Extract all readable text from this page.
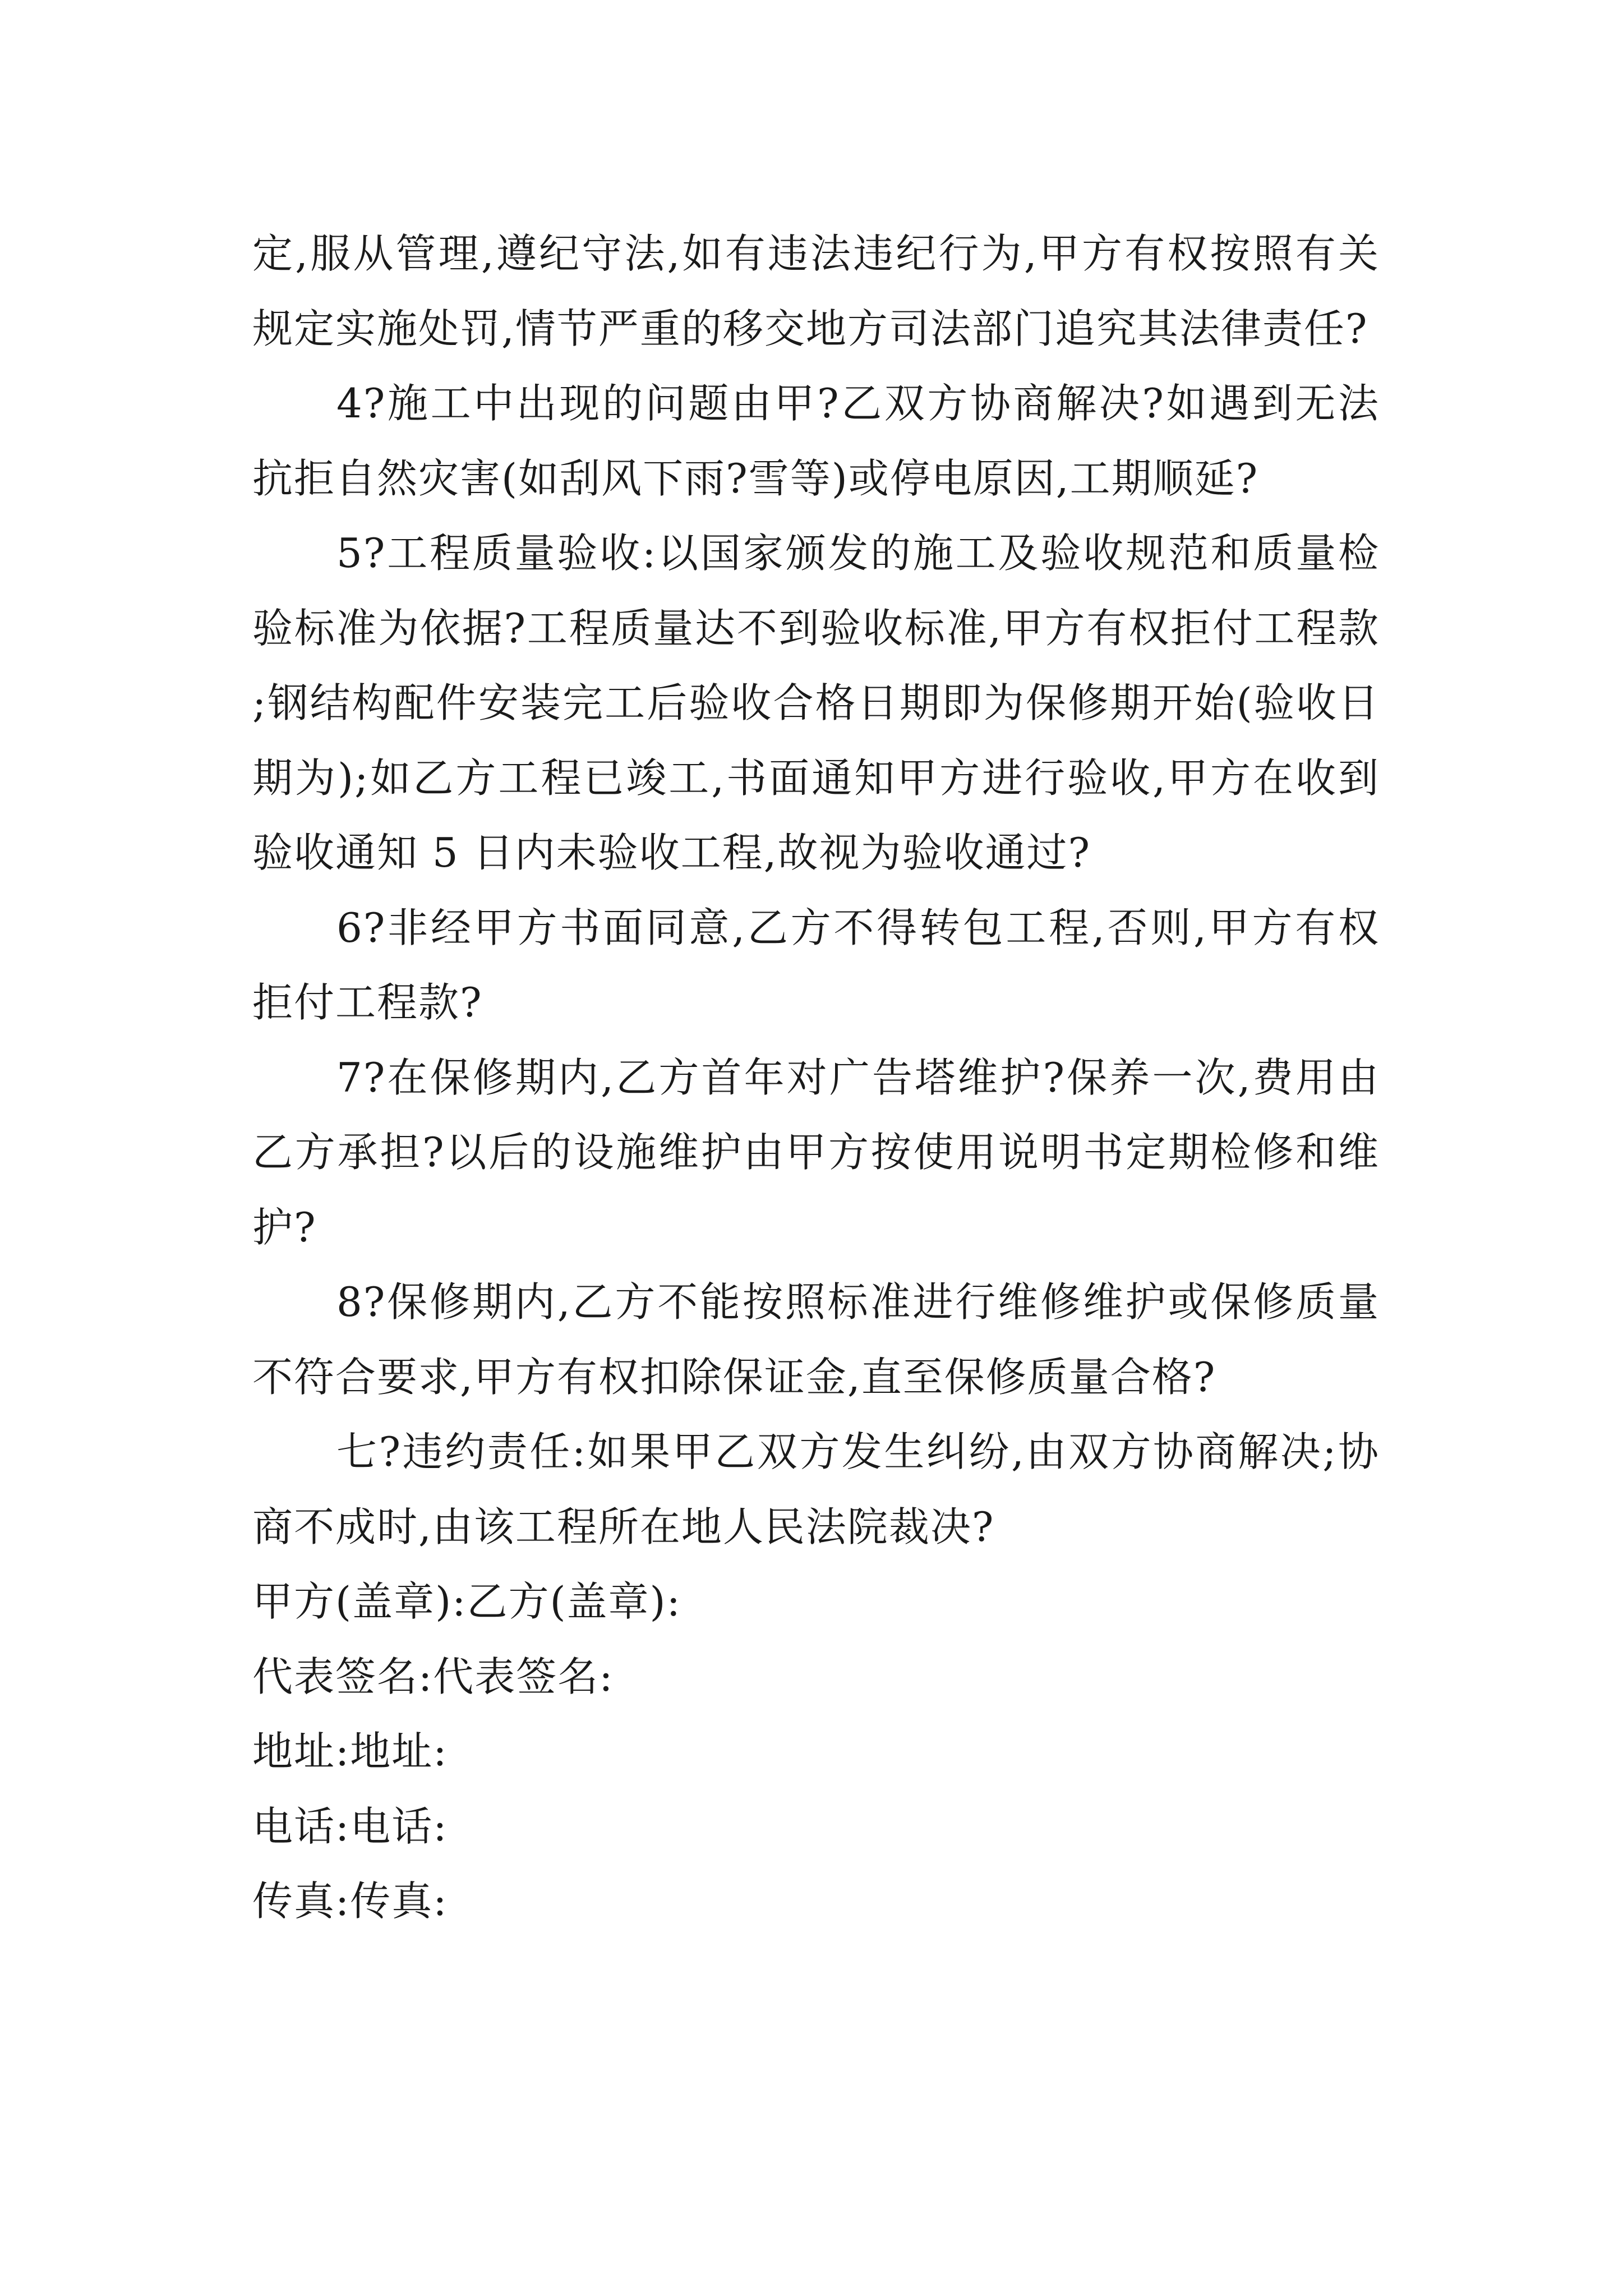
定,服从管理,遵纪守法,如有违法违纪行为,甲方有权按照有关规定实施处罚,情节严重的移交地方司法部门追究其法律责任?

4?施工中出现的问题由甲?乙双方协商解决?如遇到无法抗拒自然灾害(如刮风下雨?雪等)或停电原因,工期顺延?

5?工程质量验收:以国家颁发的施工及验收规范和质量检验标准为依据?工程质量达不到验收标准,甲方有权拒付工程款;钢结构配件安装完工后验收合格日期即为保修期开始(验收日期为);如乙方工程已竣工,书面通知甲方进行验收,甲方在收到验收通知 5 日内未验收工程,故视为验收通过?

6?非经甲方书面同意,乙方不得转包工程,否则,甲方有权拒付工程款?

7?在保修期内,乙方首年对广告塔维护?保养一次,费用由乙方承担?以后的设施维护由甲方按使用说明书定期检修和维护?

8?保修期内,乙方不能按照标准进行维修维护或保修质量不符合要求,甲方有权扣除保证金,直至保修质量合格?

七?违约责任:如果甲乙双方发生纠纷,由双方协商解决;协商不成时,由该工程所在地人民法院裁决?

甲方(盖章):乙方(盖章):

代表签名:代表签名:

地址:地址:

电话:电话:

传真:传真:
